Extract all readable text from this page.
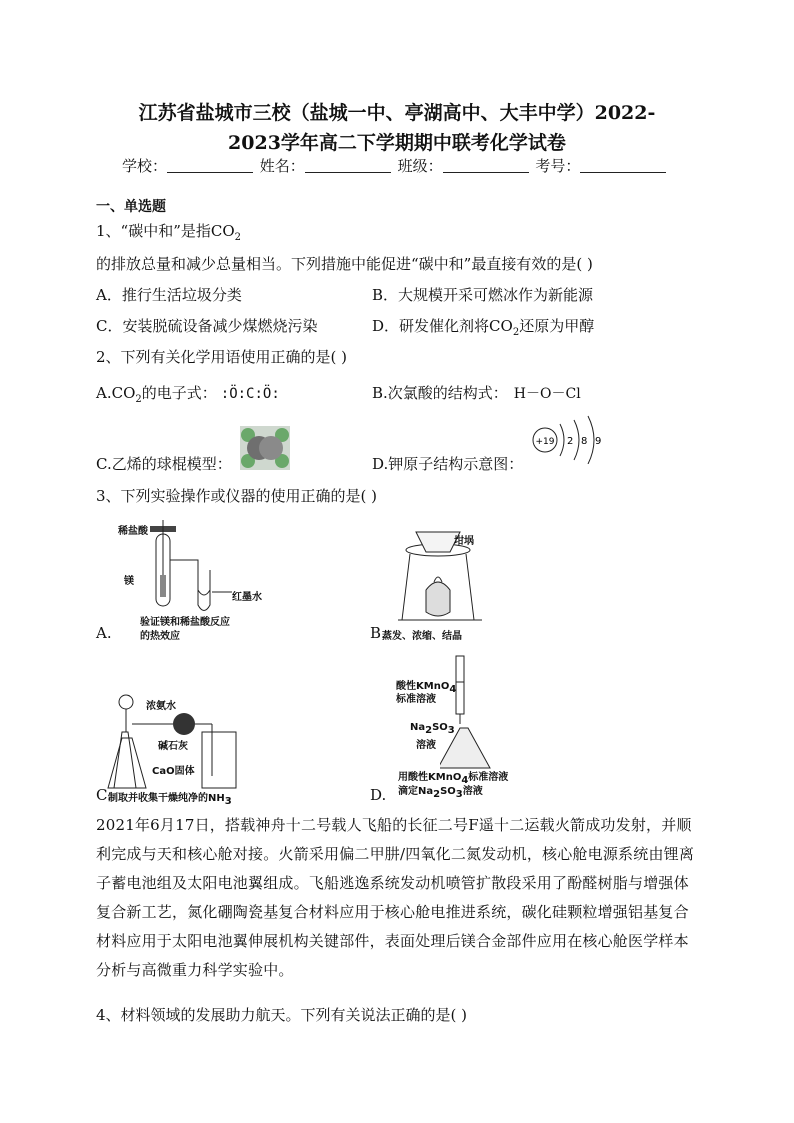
江苏省盐城市三校（盐城一中、亭湖高中、大丰中学）2022-
2023学年高二下学期期中联考化学试卷
学校：	姓名：	班级：	考号：
一、单选题
1、“碳中和”是指$CO_2$
的排放总量和减少总量相当。下列措施中能促进“碳中和”最直接有效的是( )
A．推行生活垃圾分类	B．大规模开采可燃冰作为新能源
C．安装脱硫设备减少煤燃烧污染	D．研发催化剂将$CO_2$还原为甲醇
2、下列有关化学用语使用正确的是( )
$A.CO_2$的电子式： :Ö:C:Ö:	B.次氯酸的结构式： H－O－Cl
C.乙烯的球棍模型：	D.钾原子结构示意图：
+19 2 8 9
3、下列实验操作或仪器的使用正确的是( )
稀盐酸
镁
红墨水
验证镁和稀盐酸反应
的热效应
A.
坩埚
蒸发、浓缩、结晶
B.
浓氨水
碱石灰
CaO固体
制取并收集干燥纯净的$NH_3$
C.
酸性KMnO$_4$
标准溶液
$Na_2SO_3$
溶液
用酸性KMnO$_4$标准溶液
滴定$Na_2SO_3$溶液
D.
2021年6月17日，搭载神舟十二号载人飞船的长征二号F遥十二运载火箭成功发射，并顺利完成与天和核心舱对接。火箭采用偏二甲肼/四氧化二氮发动机，核心舱电源系统由锂离子蓄电池组及太阳电池翼组成。飞船逃逸系统发动机喷管扩散段采用了酚醛树脂与增强体复合新工艺，氮化硼陶瓷基复合材料应用于核心舱电推进系统，碳化硅颗粒增强铝基复合材料应用于太阳电池翼伸展机构关键部件，表面处理后镁合金部件应用在核心舱医学样本分析与高微重力科学实验中。
4、材料领域的发展助力航天。下列有关说法正确的是( )
